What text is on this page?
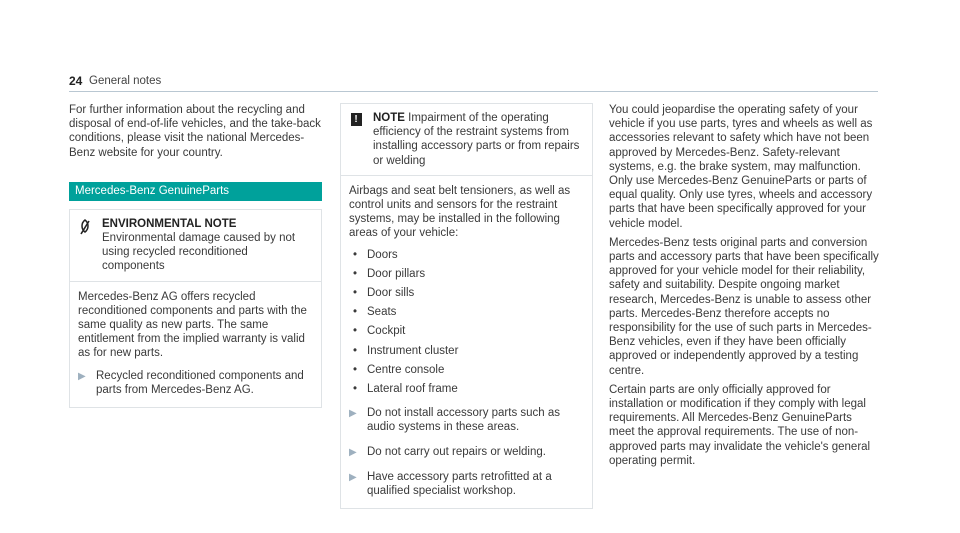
24 General notes

For further information about the recycling and disposal of end-of-life vehicles, and the take-back conditions, please visit the national Mercedes-Benz website for your country.

Mercedes-Benz GenuineParts
ENVIRONMENTAL NOTE Environmental damage caused by not using recycled reconditioned components

Mercedes-Benz AG offers recycled reconditioned components and parts with the same quality as new parts. The same entitlement from the implied warranty is valid as for new parts.

▶ Recycled reconditioned components and parts from Mercedes-Benz AG.
!	NOTE Impairment of the operating efficiency of the restraint systems from installing accessory parts or from repairs or welding

Airbags and seat belt tensioners, as well as control units and sensors for the restraint systems, may be installed in the following areas of your vehicle:

• Doors
• Door pillars
• Door sills
• Seats
• Cockpit
• Instrument cluster
• Centre console
• Lateral roof frame
▶ Do not install accessory parts such as audio systems in these areas.
▶ Do not carry out repairs or welding.
▶ Have accessory parts retrofitted at a qualified specialist workshop.

You could jeopardise the operating safety of your vehicle if you use parts, tyres and wheels as well as accessories relevant to safety which have not been approved by Mercedes-Benz. Safety-relevant systems, e.g. the brake system, may malfunction. Only use Mercedes-Benz GenuineParts or parts of equal quality. Only use tyres, wheels and accessory parts that have been specifically approved for your vehicle model.

Mercedes-Benz tests original parts and conversion parts and accessory parts that have been specifically approved for your vehicle model for their reliability, safety and suitability. Despite ongoing market research, Mercedes-Benz is unable to assess other parts. Mercedes-Benz therefore accepts no responsibility for the use of such parts in Mercedes-Benz vehicles, even if they have been officially approved or independently approved by a testing centre.

Certain parts are only officially approved for installation or modification if they comply with legal requirements. All Mercedes-Benz GenuineParts meet the approval requirements. The use of non-approved parts may invalidate the vehicle's general operating permit.
